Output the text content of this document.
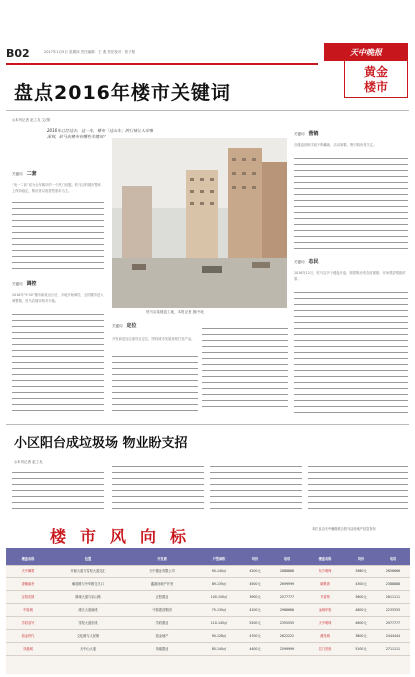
B02	2017年1月5日 星期四 责任编辑：王 燕 责任校对：张子阳	天中晚报
黄金
楼市
盘点2016年楼市关键词
◎本刊记者 赵工友 文/图
2016年已经过去，这一年，楼市「过山车」的行情让人印象深刻，驻马店楼市有哪些关键词？
关键词 二套
“卖一二套”成为全年楼市的一个热门话题。驻马店的楼市整体上保持稳定，购房者以改善型需求为主。
关键词 调控
2016年“9·30”楼市新政出台后，多地开始调控，全国楼市进入调整期，驻马店楼市相对平稳。
驻马店某楼盘工地，本报记者 摄/韦化
关键词 定位
开发商更加注重项目定位，围绕城市发展规划打造产品。
关键词 营销
各楼盘营销手段不断翻新，活动频繁，吸引购房者关注。
关键词 态民
2016年12月，驻马店多个楼盘开盘，刚需购房者态度谨慎，市场观望情绪浓厚。
小区阳台成垃圾场 物业盼支招
◎本刊记者 赵工友
楼市风向标	本栏目由天中晚报联合驻马店房地产信息发布
楼盘名称	位置	开发商	户型面积	均价	电话	楼盘名称	均价	电话
天中御景	开源大道与雪松大道交汇	天中置业有限公司	90-140㎡	4200元	2888888	东方明珠	3980元	2656666
香榭丽舍	解放路与中华路交叉口	鑫源房地产开发	89-135㎡	4500元	2699999	御景湾	4300元	2388888
正阳花园	驿城大道与乐山路	正阳置业	100-150㎡	3900元	2577777	书香苑	3600元	2811111
中原城	练江大道南段	中原建设集团	75-130㎡	4100元	2966666	金域华府	4800元	2233333
学府壹号	雪松大道东段	学府置业	110-145㎡	5200元	2355555	天中明珠	4600元	2977777
铂金时代	文化路与人民街	铂金地产	90-128㎡	4700元	2622222	澳龙城	3800元	2444444
凤凰城	天中山大道	凤凰置业	85-140㎡	4400元	2599999	名门首府	5100元	2711111
